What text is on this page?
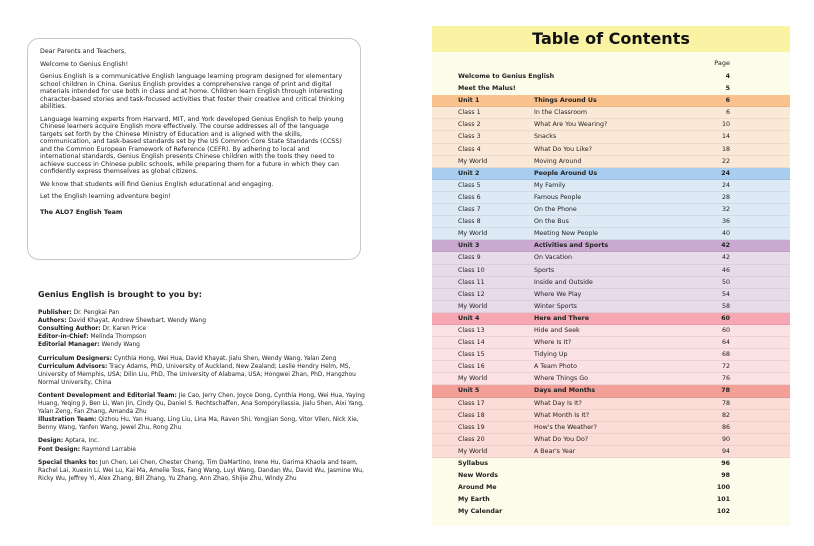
Dear Parents and Teachers,

Welcome to Genius English!

Genius English is a communicative English language learning program designed for elementary school children in China. Genius English provides a comprehensive range of print and digital materials intended for use both in class and at home. Children learn English through interesting character-based stories and task-focused activities that foster their creative and critical thinking abilities.

Language learning experts from Harvard, MIT, and York developed Genius English to help young Chinese learners acquire English more effectively. The course addresses all of the language targets set forth by the Chinese Ministry of Education and is aligned with the skills, communication, and task-based standards set by the US Common Core State Standards (CCSS) and the Common European Framework of Reference (CEFR). By adhering to local and international standards, Genius English presents Chinese children with the tools they need to achieve success in Chinese public schools, while preparing them for a future in which they can confidently express themselves as global citizens.

We know that students will find Genius English educational and engaging.

Let the English learning adventure begin!

The ALO7 English Team

Genius English is brought to you by:

Publisher: Dr. Pengkai Pan
Authors: David Khayat, Andrew Shewbart, Wendy Wang
Consulting Author: Dr. Karen Price
Editor-in-Chief: Melinda Thompson
Editorial Manager: Wendy Wang

Curriculum Designers: Cynthia Hong, Wei Hua, David Khayat, Jialu Shen, Wendy Wang, Yalan Zeng
Curriculum Advisors: Tracy Adams, PhD, University of Auckland, New Zealand; Leslie Hendry Helm, MS, University of Memphis, USA; Dilin Liu, PhD, The University of Alabama, USA; Hongwei Zhan, PhD, Hangzhou Normal University, China

Content Development and Editorial Team: Jie Cao, Jerry Chen, Joyce Dong, Cynthia Hong, Wei Hua, Yaying Huang, Yeqing Ji, Ben Li, Wan Jin, Cindy Qu, Daniel S. Rechtschaffen, Ana Somporyilassia, Jialu Shen, Aixi Yang, Yalan Zeng, Fan Zhang, Amanda Zhu
Illustration Team: Qizhou Hu, Yan Huang, Ling Liu, Lina Ma, Raven Shi, Yongjian Song, Vitor Vilen, Nick Xie, Benny Wang, Yanfen Wang, Jewel Zhu, Rong Zhu

Design: Aptara, Inc.
Font Design: Raymond Larrabie

Special thanks to: Jun Chen, Lei Chen, Chester Cheng, Tim DaMartino, Irene Hu, Garima Khaola and team, Rachel Lai, Xuexin Li, Wei Lu, Kai Ma, Amelie Toss, Fang Wang, Luyi Wang, Dandan Wu, David Wu, Jasmine Wu, Ricky Wu, Jeffrey Yi, Alex Zhang, Bill Zhang, Yu Zhang, Ann Zhao, Shijie Zhu, Windy Zhu

Table of Contents
Page
Welcome to Genius English	4
Meet the Malus!	5
Unit 1	Things Around Us	6
Class 1	In the Classroom	6
Class 2	What Are You Wearing?	10
Class 3	Snacks	14
Class 4	What Do You Like?	18
My World	Moving Around	22
Unit 2	People Around Us	24
Class 5	My Family	24
Class 6	Famous People	28
Class 7	On the Phone	32
Class 8	On the Bus	36
My World	Meeting New People	40
Unit 3	Activities and Sports	42
Class 9	On Vacation	42
Class 10	Sports	46
Class 11	Inside and Outside	50
Class 12	Where We Play	54
My World	Winter Sports	58
Unit 4	Here and There	60
Class 13	Hide and Seek	60
Class 14	Where Is It?	64
Class 15	Tidying Up	68
Class 16	A Team Photo	72
My World	Where Things Go	76
Unit 5	Days and Months	78
Class 17	What Day Is It?	78
Class 18	What Month Is It?	82
Class 19	How's the Weather?	86
Class 20	What Do You Do?	90
My World	A Bear's Year	94
Syllabus	96
New Words	98
Around Me	100
My Earth	101
My Calendar	102
